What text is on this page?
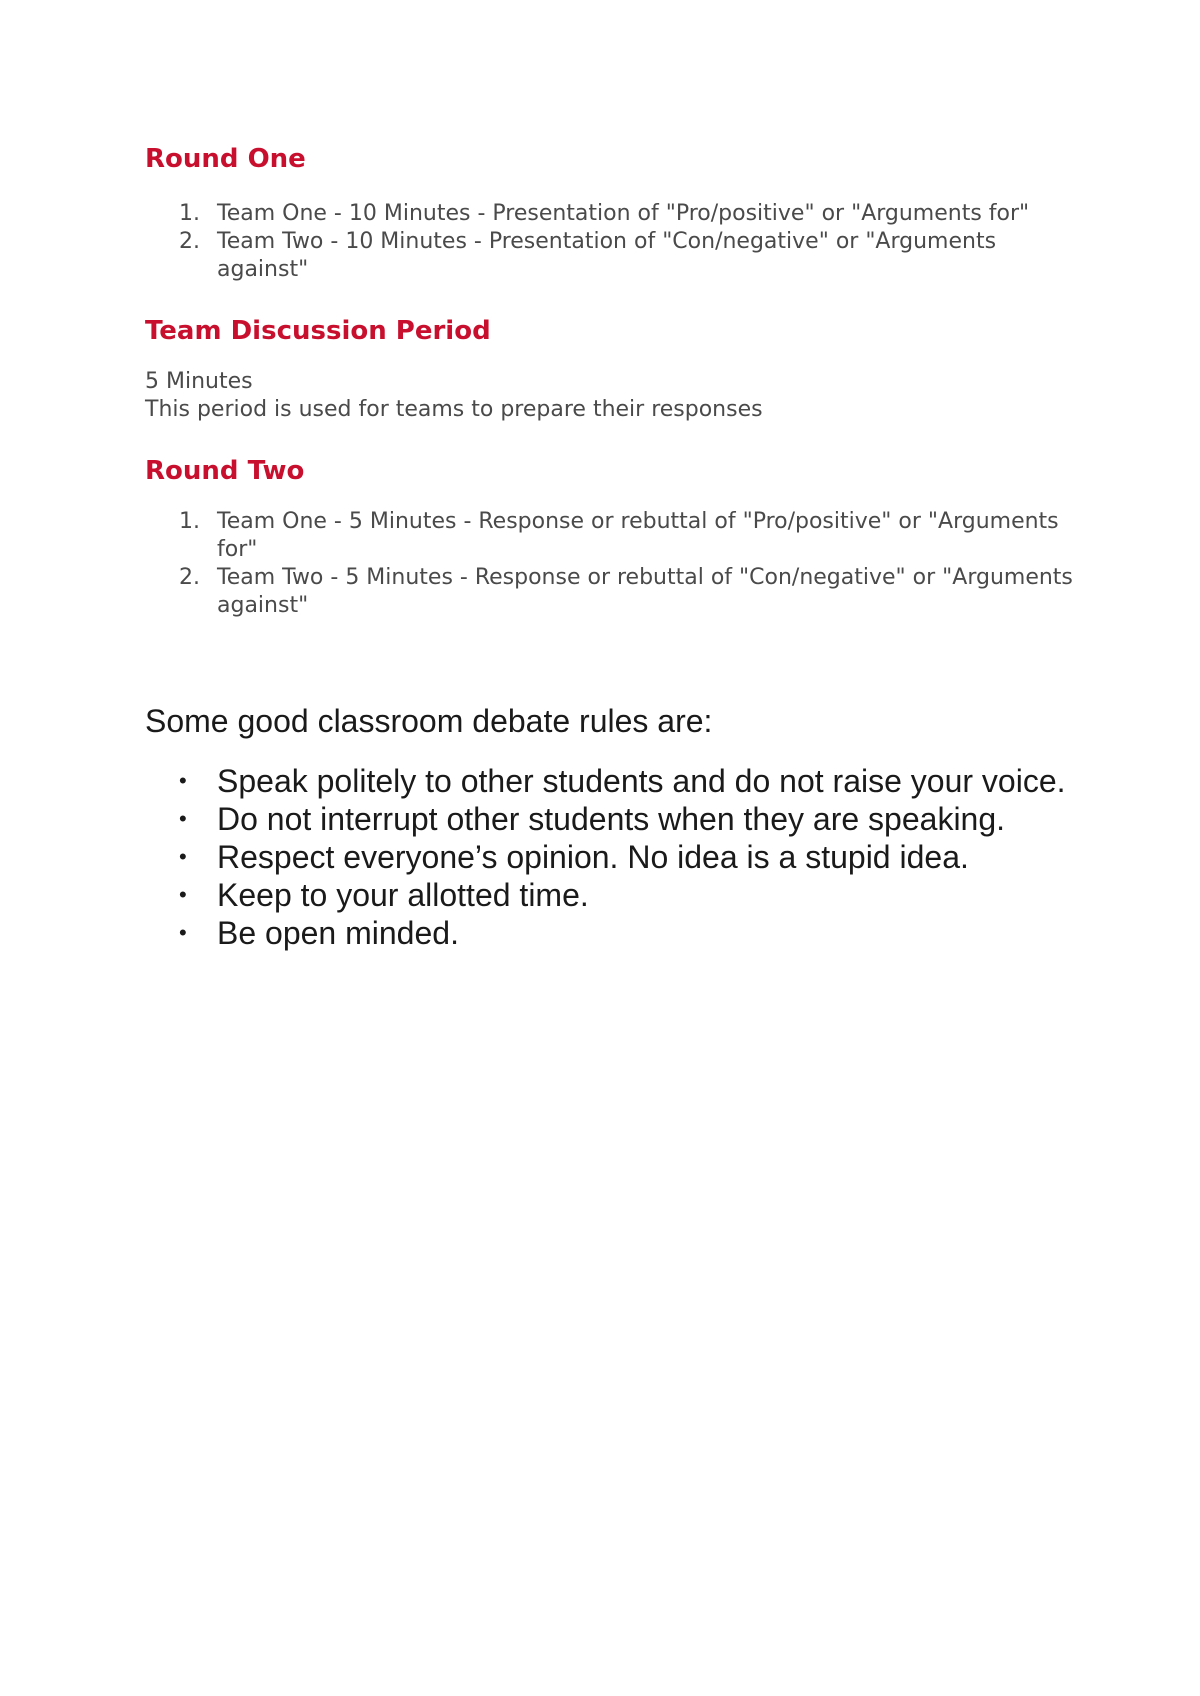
Round One
1. Team One - 10 Minutes - Presentation of "Pro/positive" or "Arguments for"
2. Team Two - 10 Minutes - Presentation of "Con/negative" or "Arguments against"
Team Discussion Period
5 Minutes
This period is used for teams to prepare their responses
Round Two
1. Team One - 5 Minutes - Response or rebuttal of "Pro/positive" or "Arguments for"
2. Team Two - 5 Minutes - Response or rebuttal of "Con/negative" or "Arguments against"

Some good classroom debate rules are:

• Speak politely to other students and do not raise your voice.
• Do not interrupt other students when they are speaking.
• Respect everyone’s opinion. No idea is a stupid idea.
• Keep to your allotted time.
• Be open minded.
